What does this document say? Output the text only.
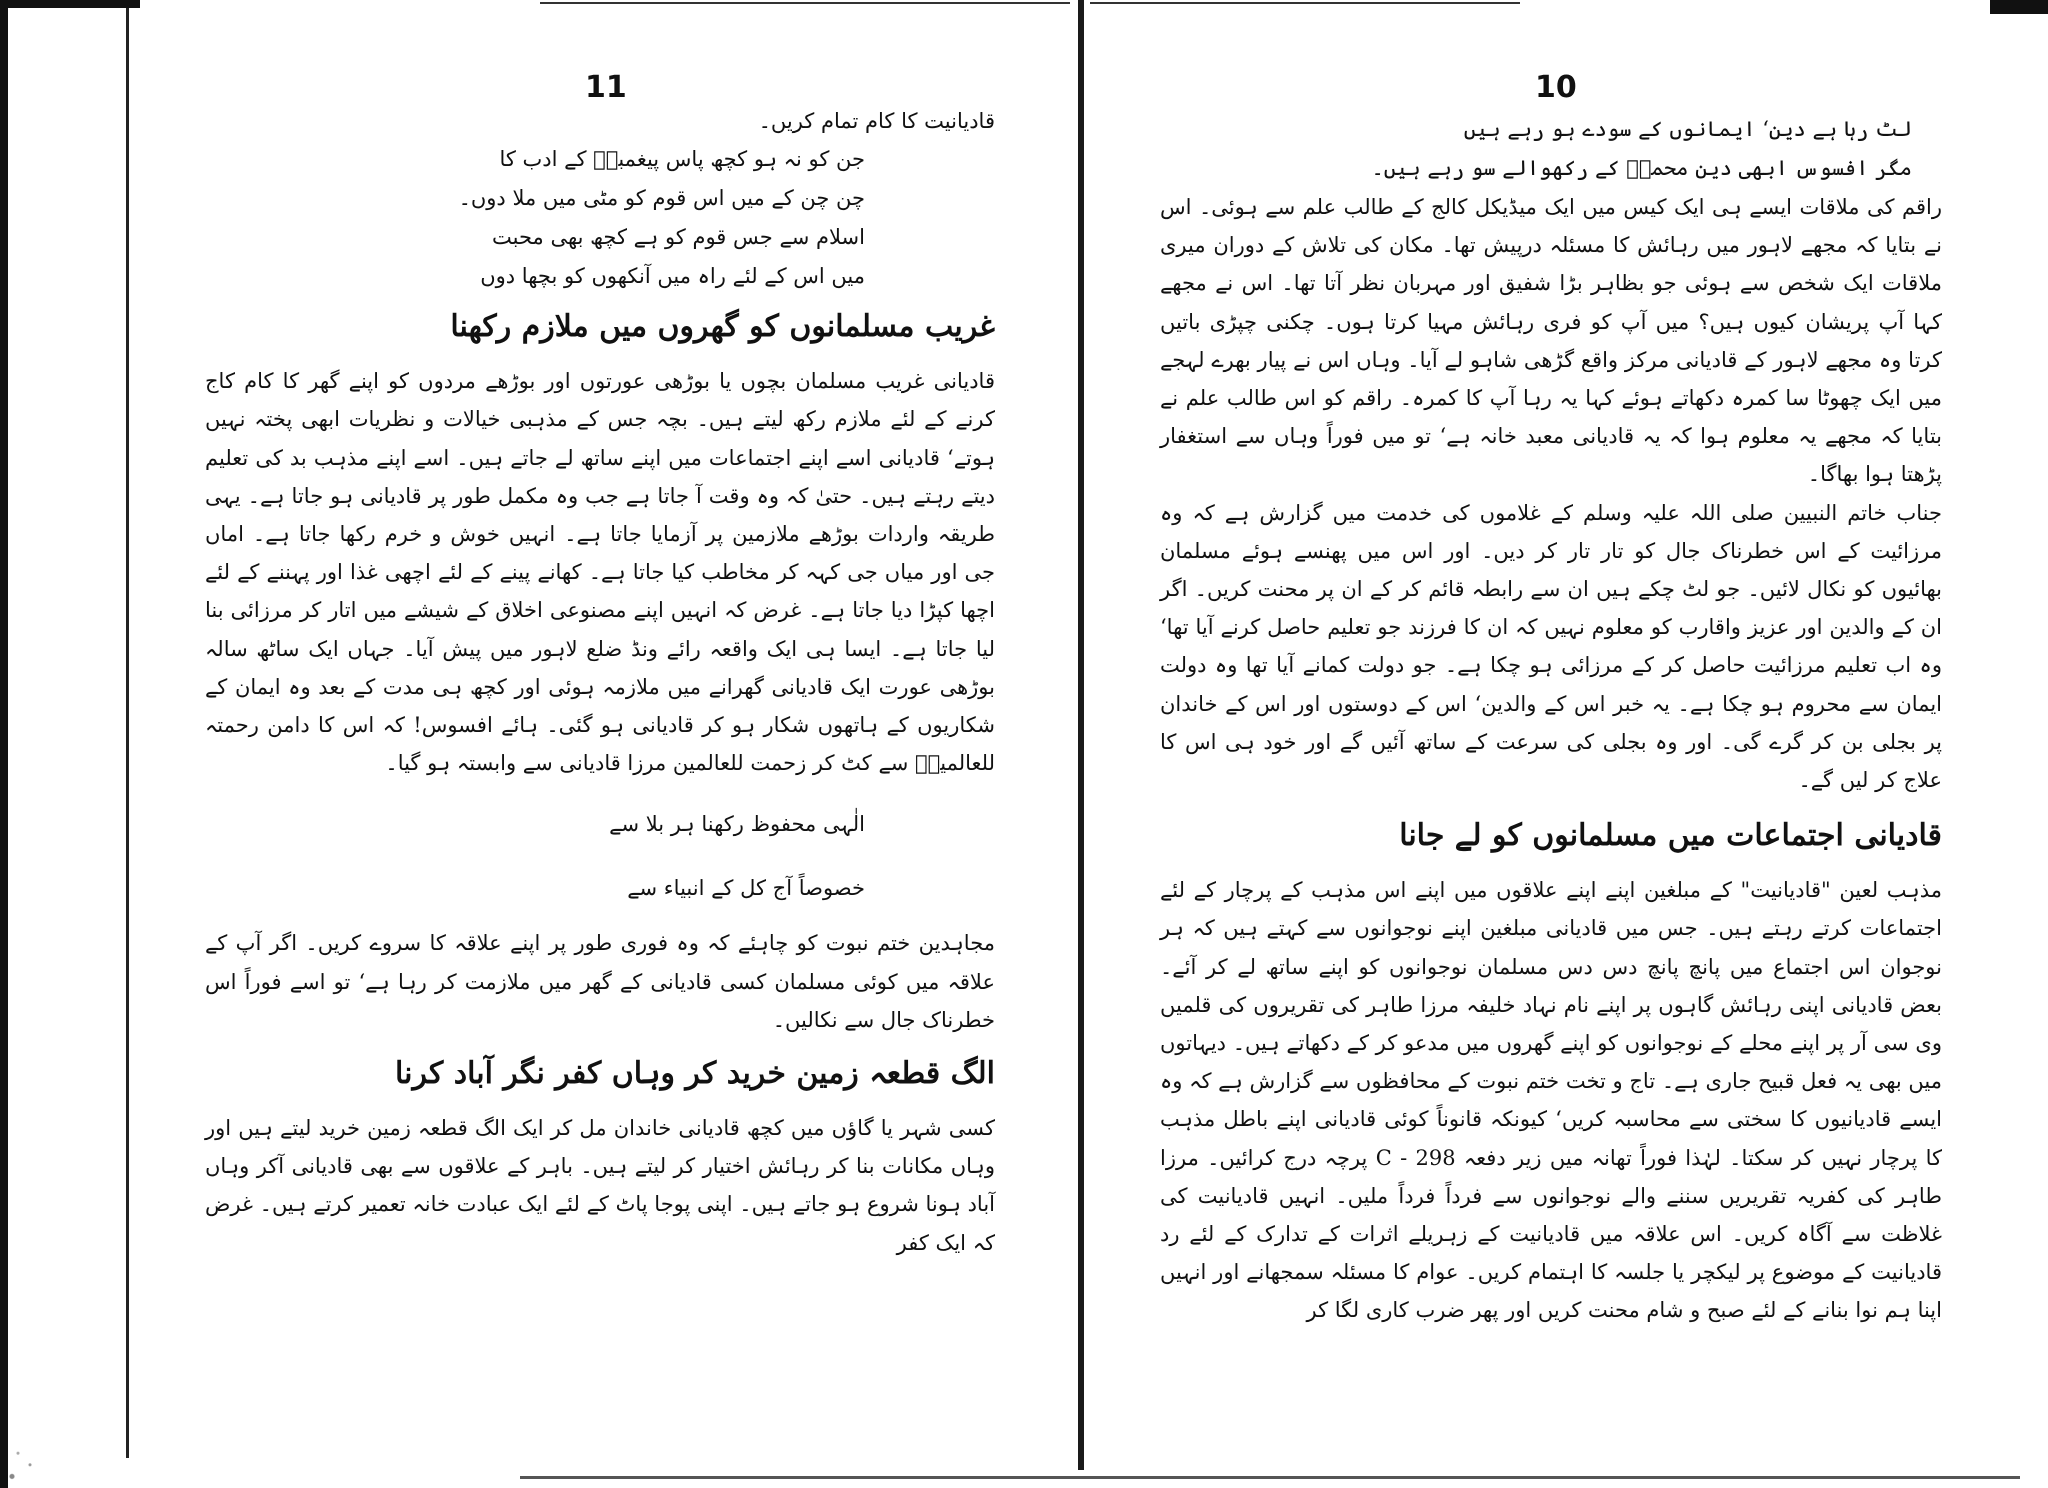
11	10

قادیانیت کا کام تمام کریں۔

جن کو نہ ہو کچھ پاس پیغمبرؐ کے ادب کا
چن چن کے میں اس قوم کو مٹی میں ملا دوں۔
اسلام سے جس قوم کو ہے کچھ بھی محبت
میں اس کے لئے راہ میں آنکھوں کو بچھا دوں
غریب مسلمانوں کو گھروں میں ملازم رکھنا

قادیانی غریب مسلمان بچوں یا بوڑھی عورتوں اور بوڑھے مردوں کو اپنے گھر کا کام کاج کرنے کے لئے ملازم رکھ لیتے ہیں۔ بچہ جس کے مذہبی خیالات و نظریات ابھی پختہ نہیں ہوتے‘ قادیانی اسے اپنے اجتماعات میں اپنے ساتھ لے جاتے ہیں۔ اسے اپنے مذہب بد کی تعلیم دیتے رہتے ہیں۔ حتیٰ کہ وہ وقت آ جاتا ہے جب وہ مکمل طور پر قادیانی ہو جاتا ہے۔ یہی طریقہ واردات بوڑھے ملازمین پر آزمایا جاتا ہے۔ انہیں خوش و خرم رکھا جاتا ہے۔ اماں جی اور میاں جی کہہ کر مخاطب کیا جاتا ہے۔ کھانے پینے کے لئے اچھی غذا اور پہننے کے لئے اچھا کپڑا دیا جاتا ہے۔ غرض کہ انہیں اپنے مصنوعی اخلاق کے شیشے میں اتار کر مرزائی بنا لیا جاتا ہے۔ ایسا ہی ایک واقعہ رائے ونڈ ضلع لاہور میں پیش آیا۔ جہاں ایک ساٹھ سالہ بوڑھی عورت ایک قادیانی گھرانے میں ملازمہ ہوئی اور کچھ ہی مدت کے بعد وہ ایمان کے شکاریوں کے ہاتھوں شکار ہو کر قادیانی ہو گئی۔ ہائے افسوس! کہ اس کا دامن رحمتہ للعالمینؐ سے کٹ کر زحمت للعالمین مرزا قادیانی سے وابستہ ہو گیا۔

الٰہی محفوظ رکھنا ہر بلا سے
خصوصاً آج کل کے انبیاء سے

مجاہدین ختم نبوت کو چاہئے کہ وہ فوری طور پر اپنے علاقہ کا سروے کریں۔ اگر آپ کے علاقہ میں کوئی مسلمان کسی قادیانی کے گھر میں ملازمت کر رہا ہے‘ تو اسے فوراً اس خطرناک جال سے نکالیں۔

الگ قطعہ زمین خرید کر وہاں کفر نگر آباد کرنا

کسی شہر یا گاؤں میں کچھ قادیانی خاندان مل کر ایک الگ قطعہ زمین خرید لیتے ہیں اور وہاں مکانات بنا کر رہائش اختیار کر لیتے ہیں۔ باہر کے علاقوں سے بھی قادیانی آکر وہاں آباد ہونا شروع ہو جاتے ہیں۔ اپنی پوجا پاٹ کے لئے ایک عبادت خانہ تعمیر کرتے ہیں۔ غرض کہ ایک کفر

لٹ رہا ہے دین‘ ایمانوں کے سودے ہو رہے ہیں
مگر افسوس ابھی دین محمدؐ کے رکھوالے سو رہے ہیں۔

راقم کی ملاقات ایسے ہی ایک کیس میں ایک میڈیکل کالج کے طالب علم سے ہوئی۔ اس نے بتایا کہ مجھے لاہور میں رہائش کا مسئلہ درپیش تھا۔ مکان کی تلاش کے دوران میری ملاقات ایک شخص سے ہوئی جو بظاہر بڑا شفیق اور مہربان نظر آتا تھا۔ اس نے مجھے کہا آپ پریشان کیوں ہیں؟ میں آپ کو فری رہائش مہیا کرتا ہوں۔ چکنی چپڑی باتیں کرتا وہ مجھے لاہور کے قادیانی مرکز واقع گڑھی شاہو لے آیا۔ وہاں اس نے پیار بھرے لہجے میں ایک چھوٹا سا کمرہ دکھاتے ہوئے کہا یہ رہا آپ کا کمرہ۔ راقم کو اس طالب علم نے بتایا کہ مجھے یہ معلوم ہوا کہ یہ قادیانی معبد خانہ ہے‘ تو میں فوراً وہاں سے استغفار پڑھتا ہوا بھاگا۔

جناب خاتم النبیین صلی اللہ علیہ وسلم کے غلاموں کی خدمت میں گزارش ہے کہ وہ مرزائیت کے اس خطرناک جال کو تار تار کر دیں۔ اور اس میں پھنسے ہوئے مسلمان بھائیوں کو نکال لائیں۔ جو لٹ چکے ہیں ان سے رابطہ قائم کر کے ان پر محنت کریں۔ اگر ان کے والدین اور عزیز واقارب کو معلوم نہیں کہ ان کا فرزند جو تعلیم حاصل کرنے آیا تھا‘ وہ اب تعلیم مرزائیت حاصل کر کے مرزائی ہو چکا ہے۔ جو دولت کمانے آیا تھا وہ دولت ایمان سے محروم ہو چکا ہے۔ یہ خبر اس کے والدین‘ اس کے دوستوں اور اس کے خاندان پر بجلی بن کر گرے گی۔ اور وہ بجلی کی سرعت کے ساتھ آئیں گے اور خود ہی اس کا علاج کر لیں گے۔

قادیانی اجتماعات میں مسلمانوں کو لے جانا

مذہب لعین "قادیانیت" کے مبلغین اپنے اپنے علاقوں میں اپنے اس مذہب کے پرچار کے لئے اجتماعات کرتے رہتے ہیں۔ جس میں قادیانی مبلغین اپنے نوجوانوں سے کہتے ہیں کہ ہر نوجوان اس اجتماع میں پانچ پانچ دس دس مسلمان نوجوانوں کو اپنے ساتھ لے کر آئے۔ بعض قادیانی اپنی رہائش گاہوں پر اپنے نام نہاد خلیفہ مرزا طاہر کی تقریروں کی قلمیں وی سی آر پر اپنے محلے کے نوجوانوں کو اپنے گھروں میں مدعو کر کے دکھاتے ہیں۔ دیہاتوں میں بھی یہ فعل قبیح جاری ہے۔ تاج و تخت ختم نبوت کے محافظوں سے گزارش ہے کہ وہ ایسے قادیانیوں کا سختی سے محاسبہ کریں‘ کیونکہ قانوناً کوئی قادیانی اپنے باطل مذہب کا پرچار نہیں کر سکتا۔ لہٰذا فوراً تھانہ میں زیر دفعہ 298 - C پرچہ درج کرائیں۔ مرزا طاہر کی کفریہ تقریریں سننے والے نوجوانوں سے فرداً فرداً ملیں۔ انہیں قادیانیت کی غلاظت سے آگاہ کریں۔ اس علاقہ میں قادیانیت کے زہریلے اثرات کے تدارک کے لئے رد قادیانیت کے موضوع پر لیکچر یا جلسہ کا اہتمام کریں۔ عوام کا مسئلہ سمجھانے اور انہیں اپنا ہم نوا بنانے کے لئے صبح و شام محنت کریں اور پھر ضرب کاری لگا کر
